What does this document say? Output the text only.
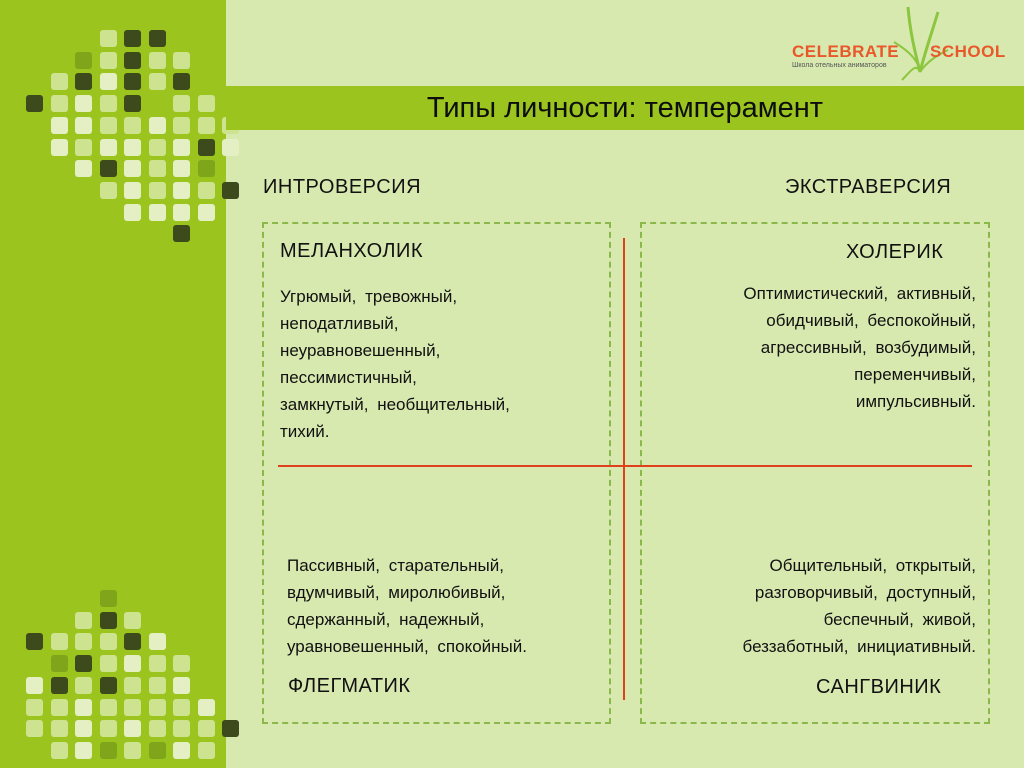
Типы личности: темперамент
CELEBRATE SCHOOL
Школа отельных аниматоров
ИНТРОВЕРСИЯ	ЭКСТРАВЕРСИЯ
МЕЛАНХОЛИК
Угрюмый, тревожный,
неподатливый,
неуравновешенный,
пессимистичный,
замкнутый, необщительный,
тихий.
ХОЛЕРИК
Оптимистический, активный,
обидчивый, беспокойный,
агрессивный, возбудимый,
переменчивый,
импульсивный.
Пассивный, старательный,
вдумчивый, миролюбивый,
сдержанный, надежный,
уравновешенный, спокойный.
ФЛЕГМАТИК
Общительный, открытый,
разговорчивый, доступный,
беспечный, живой,
беззаботный, инициативный.
САНГВИНИК
